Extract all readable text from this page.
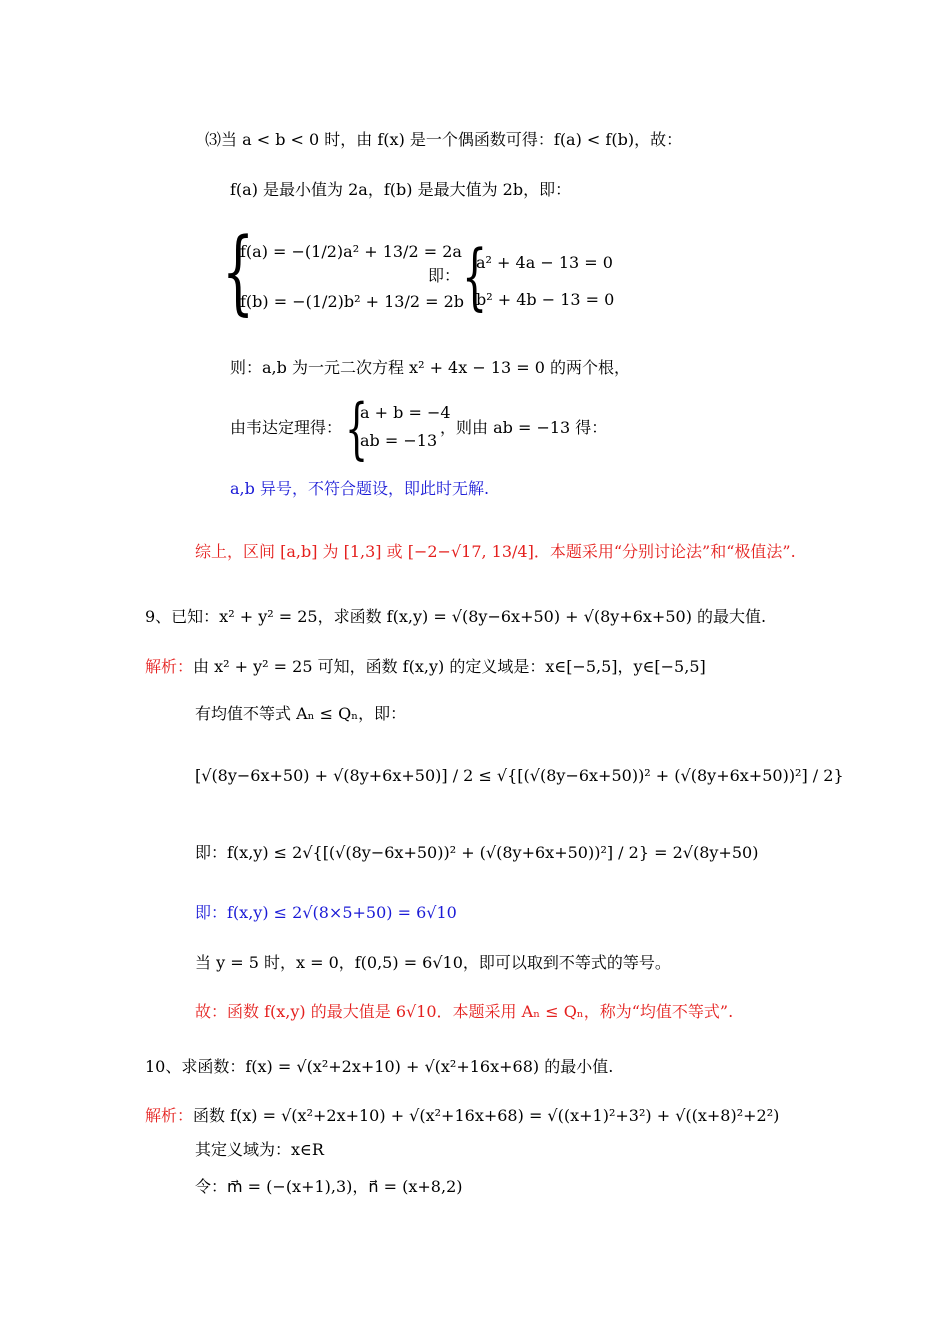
⑶当 a < b < 0 时，由 f(x) 是一个偶函数可得：f(a) < f(b)，故：
f(a) 是最小值为 2a，f(b) 是最大值为 2b，即：
{
f(a) = −(1/2)a² + 13/2 = 2a
f(b) = −(1/2)b² + 13/2 = 2b
即： {
a² + 4a − 13 = 0
b² + 4b − 13 = 0
则：a,b 为一元二次方程 x² + 4x − 13 = 0 的两个根，
由韦达定理得： {
a + b = −4
ab = −13
，则由 ab = −13 得：
a,b 异号，不符合题设，即此时无解.
综上，区间 [a,b] 为 [1,3] 或 [−2−√17, 13/4]．本题采用“分别讨论法”和“极值法”.
9、已知：x² + y² = 25，求函数 f(x,y) = √(8y−6x+50) + √(8y+6x+50) 的最大值.
解析：由 x² + y² = 25 可知，函数 f(x,y) 的定义域是：x∈[−5,5]，y∈[−5,5]
有均值不等式 Aₙ ≤ Qₙ，即：
[√(8y−6x+50) + √(8y+6x+50)] / 2 ≤ √{[(√(8y−6x+50))² + (√(8y+6x+50))²] / 2}
即：f(x,y) ≤ 2√{[(√(8y−6x+50))² + (√(8y+6x+50))²] / 2} = 2√(8y+50)
即：f(x,y) ≤ 2√(8×5+50) = 6√10
当 y = 5 时，x = 0，f(0,5) = 6√10，即可以取到不等式的等号。
故：函数 f(x,y) 的最大值是 6√10．本题采用 Aₙ ≤ Qₙ，称为“均值不等式”.
10、求函数：f(x) = √(x²+2x+10) + √(x²+16x+68) 的最小值.
解析：函数 f(x) = √(x²+2x+10) + √(x²+16x+68) = √((x+1)²+3²) + √((x+8)²+2²)
其定义域为：x∈R
令：m⃗ = (−(x+1),3)，n⃗ = (x+8,2)
